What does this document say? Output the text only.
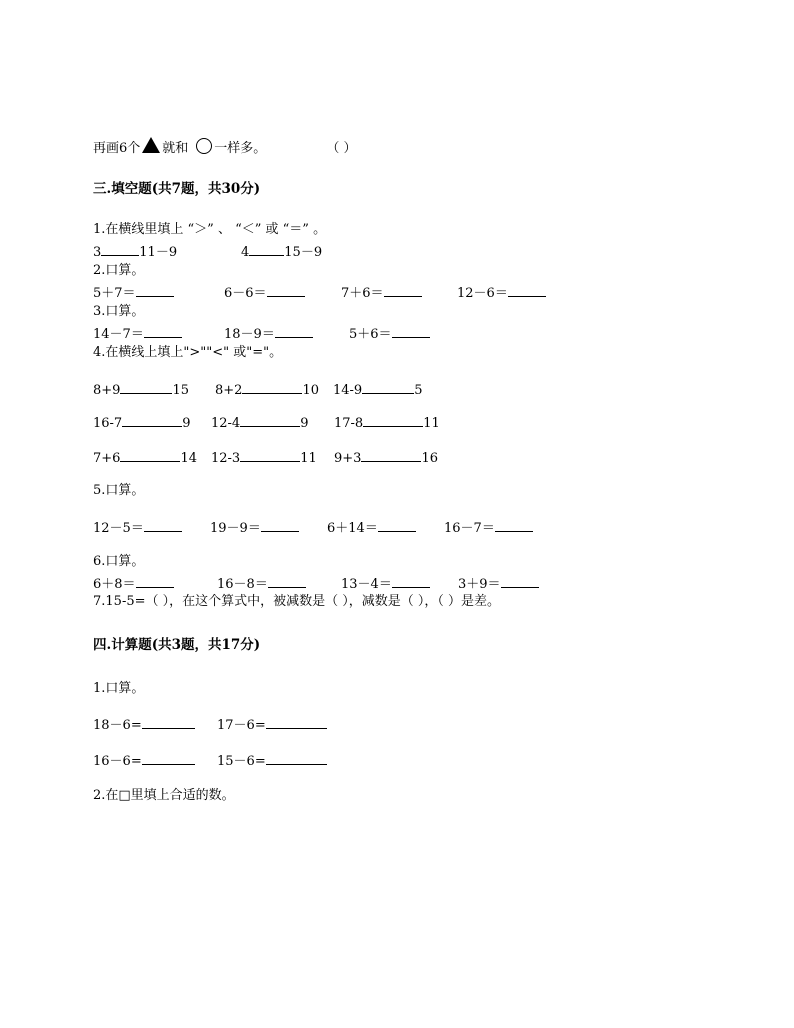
再画6个 就和 一样多。	（ ）
三.填空题(共7题，共30分)
1.在横线里填上 “＞” 、 “＜” 或 “＝” 。
3	11－9	4	15－9
2.口算。
5＋7＝	6－6＝	7＋6＝	12－6＝
3.口算。
14－7＝	18－9＝	5＋6＝
4.在横线上填上">""<" 或"="。
8+9	15 8+2	10 14-9	5
16-7	9 12-4	9 17-8	11
7+6	14 12-3	11 9+3	16
5.口算。
12－5＝	19－9＝	6＋14＝	16－7＝
6.口算。
6＋8＝	16－8＝	13－4＝	3＋9＝
7.15-5=（ ），在这个算式中，被减数是（ ），减数是（ ），（ ）是差。
四.计算题(共3题，共17分)
1.口算。
18－6=	17－6=
16－6=	15－6=
2.在□里填上合适的数。
